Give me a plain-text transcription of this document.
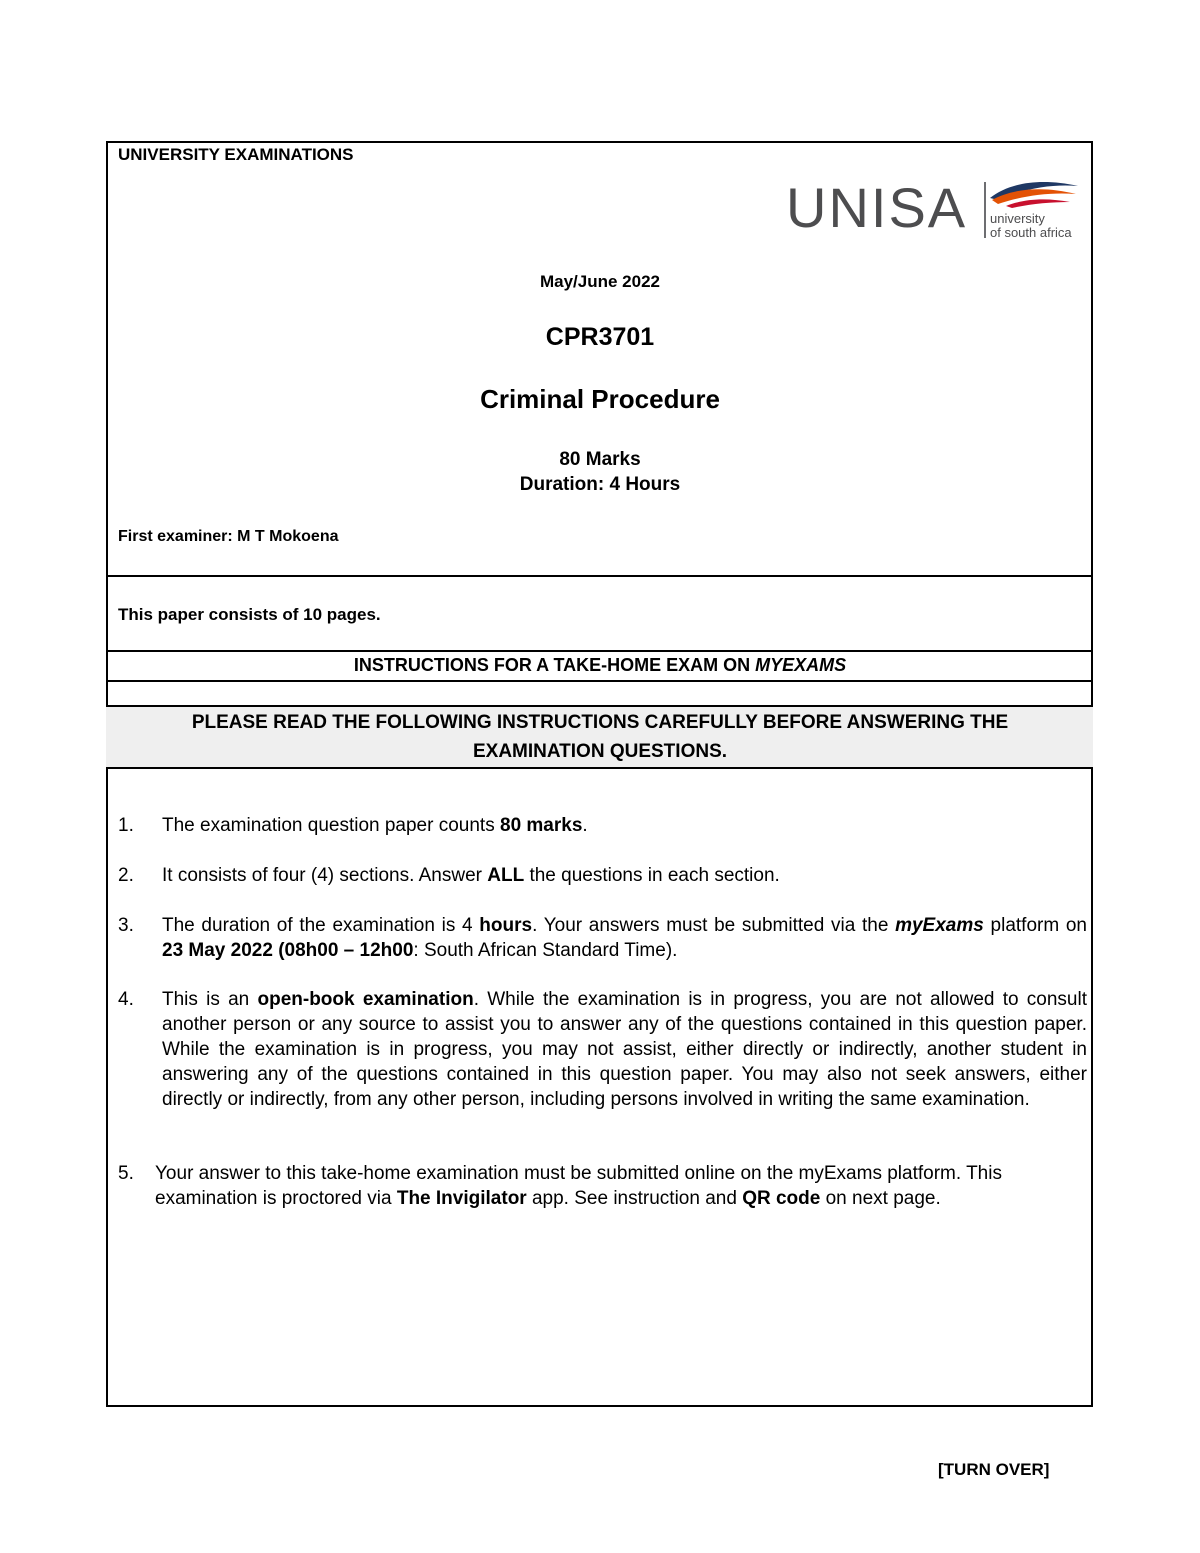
UNIVERSITY EXAMINATIONS
UNISA university
of south africa
May/June 2022
CPR3701
Criminal Procedure
80 Marks
Duration: 4 Hours
First examiner: M T Mokoena
This paper consists of 10 pages.
INSTRUCTIONS FOR A TAKE-HOME EXAM ON MYEXAMS
PLEASE READ THE FOLLOWING INSTRUCTIONS CAREFULLY BEFORE ANSWERING THE
EXAMINATION QUESTIONS.
1. The examination question paper counts 80 marks.
2. It consists of four (4) sections. Answer ALL the questions in each section.
3. The duration of the examination is 4 hours. Your answers must be submitted via the myExams platform on 23 May 2022 (08h00 – 12h00: South African Standard Time).
4. This is an open-book examination. While the examination is in progress, you are not allowed to consult another person or any source to assist you to answer any of the questions contained in this question paper. While the examination is in progress, you may not assist, either directly or indirectly, another student in answering any of the questions contained in this question paper. You may also not seek answers, either directly or indirectly, from any other person, including persons involved in writing the same examination.
5. Your answer to this take-home examination must be submitted online on the myExams platform. This examination is proctored via The Invigilator app. See instruction and QR code on next page.
[TURN OVER]
